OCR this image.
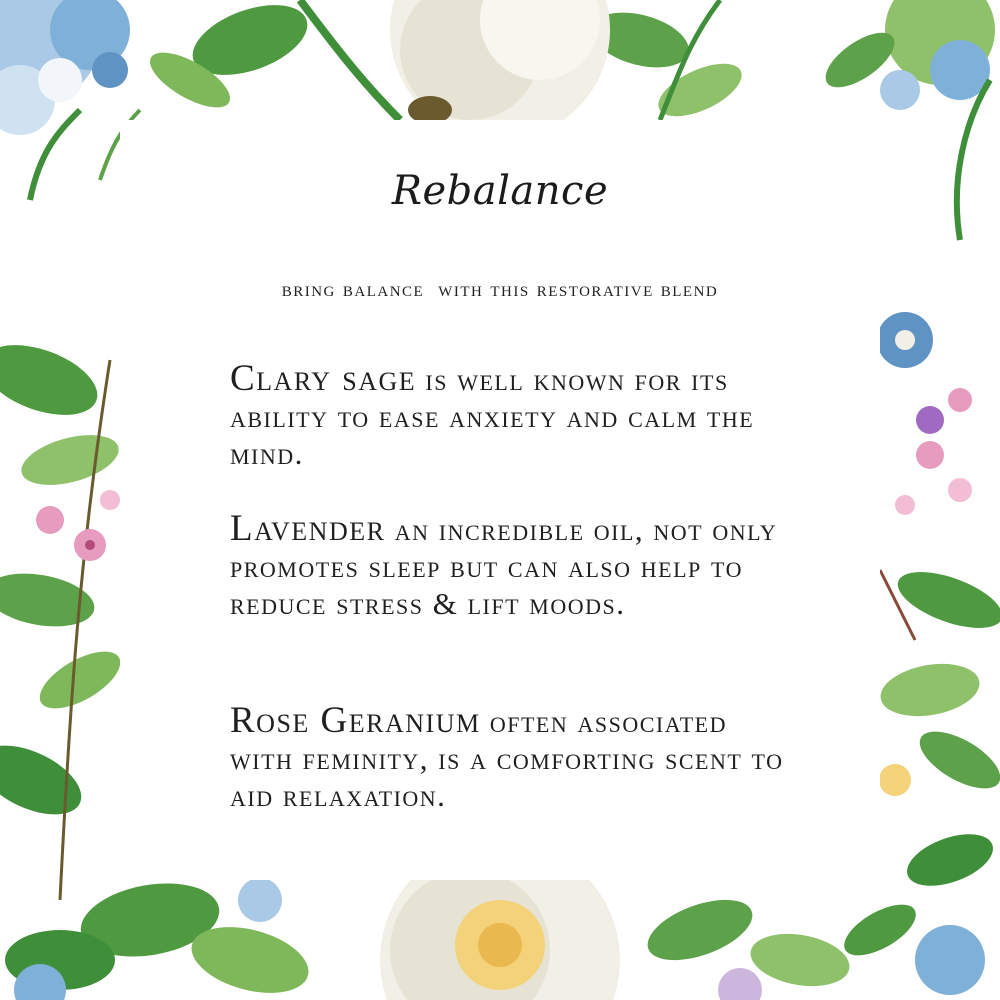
Rebalance
bring balance  with this restorative blend

Clary sage is well known for its ability to ease anxiety and calm the mind.

Lavender an incredible oil, not only promotes sleep but can also help to reduce stress & lift moods.

Rose Geranium often associated with feminity, is a comforting scent to aid relaxation.
